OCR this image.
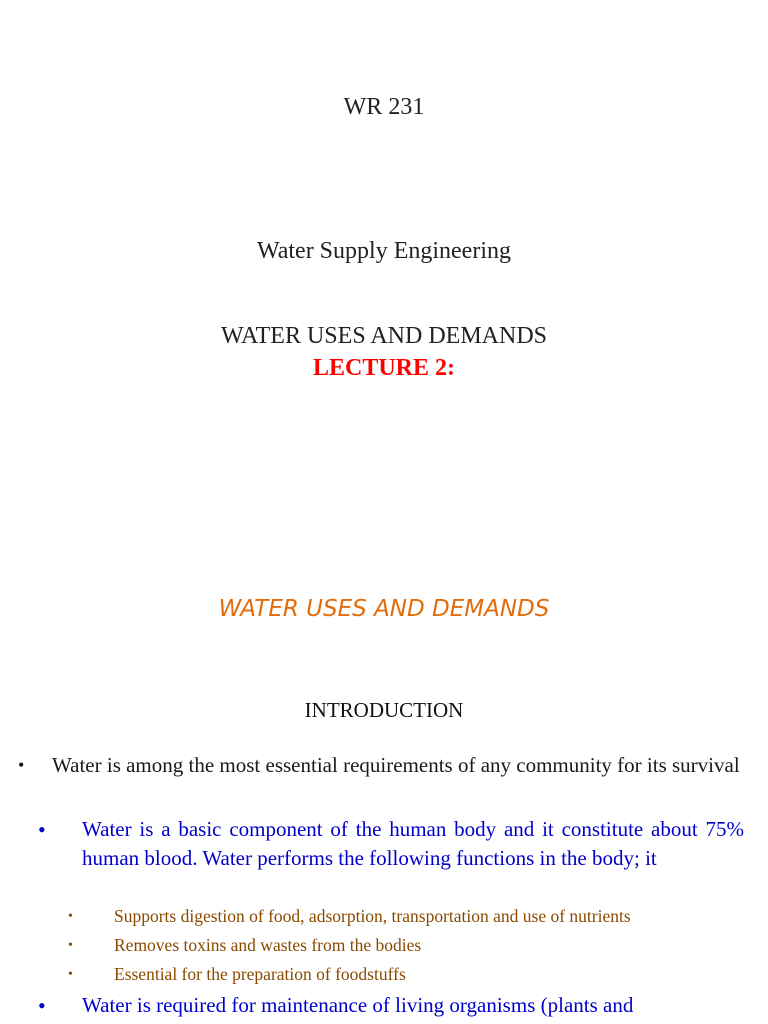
WR 231
Water Supply Engineering
WATER USES AND DEMANDS
LECTURE 2:
WATER USES AND DEMANDS
INTRODUCTION
•	Water is among the most essential requirements of any community for its survival
•	Water is a basic component of the human body and it constitute about 75% human blood. Water performs the following functions in the body; it
•	Supports digestion of food, adsorption, transportation and use of nutrients
•	Removes toxins and wastes from the bodies
•	Essential for the preparation of foodstuffs
•	Water is required for maintenance of living organisms (plants and
